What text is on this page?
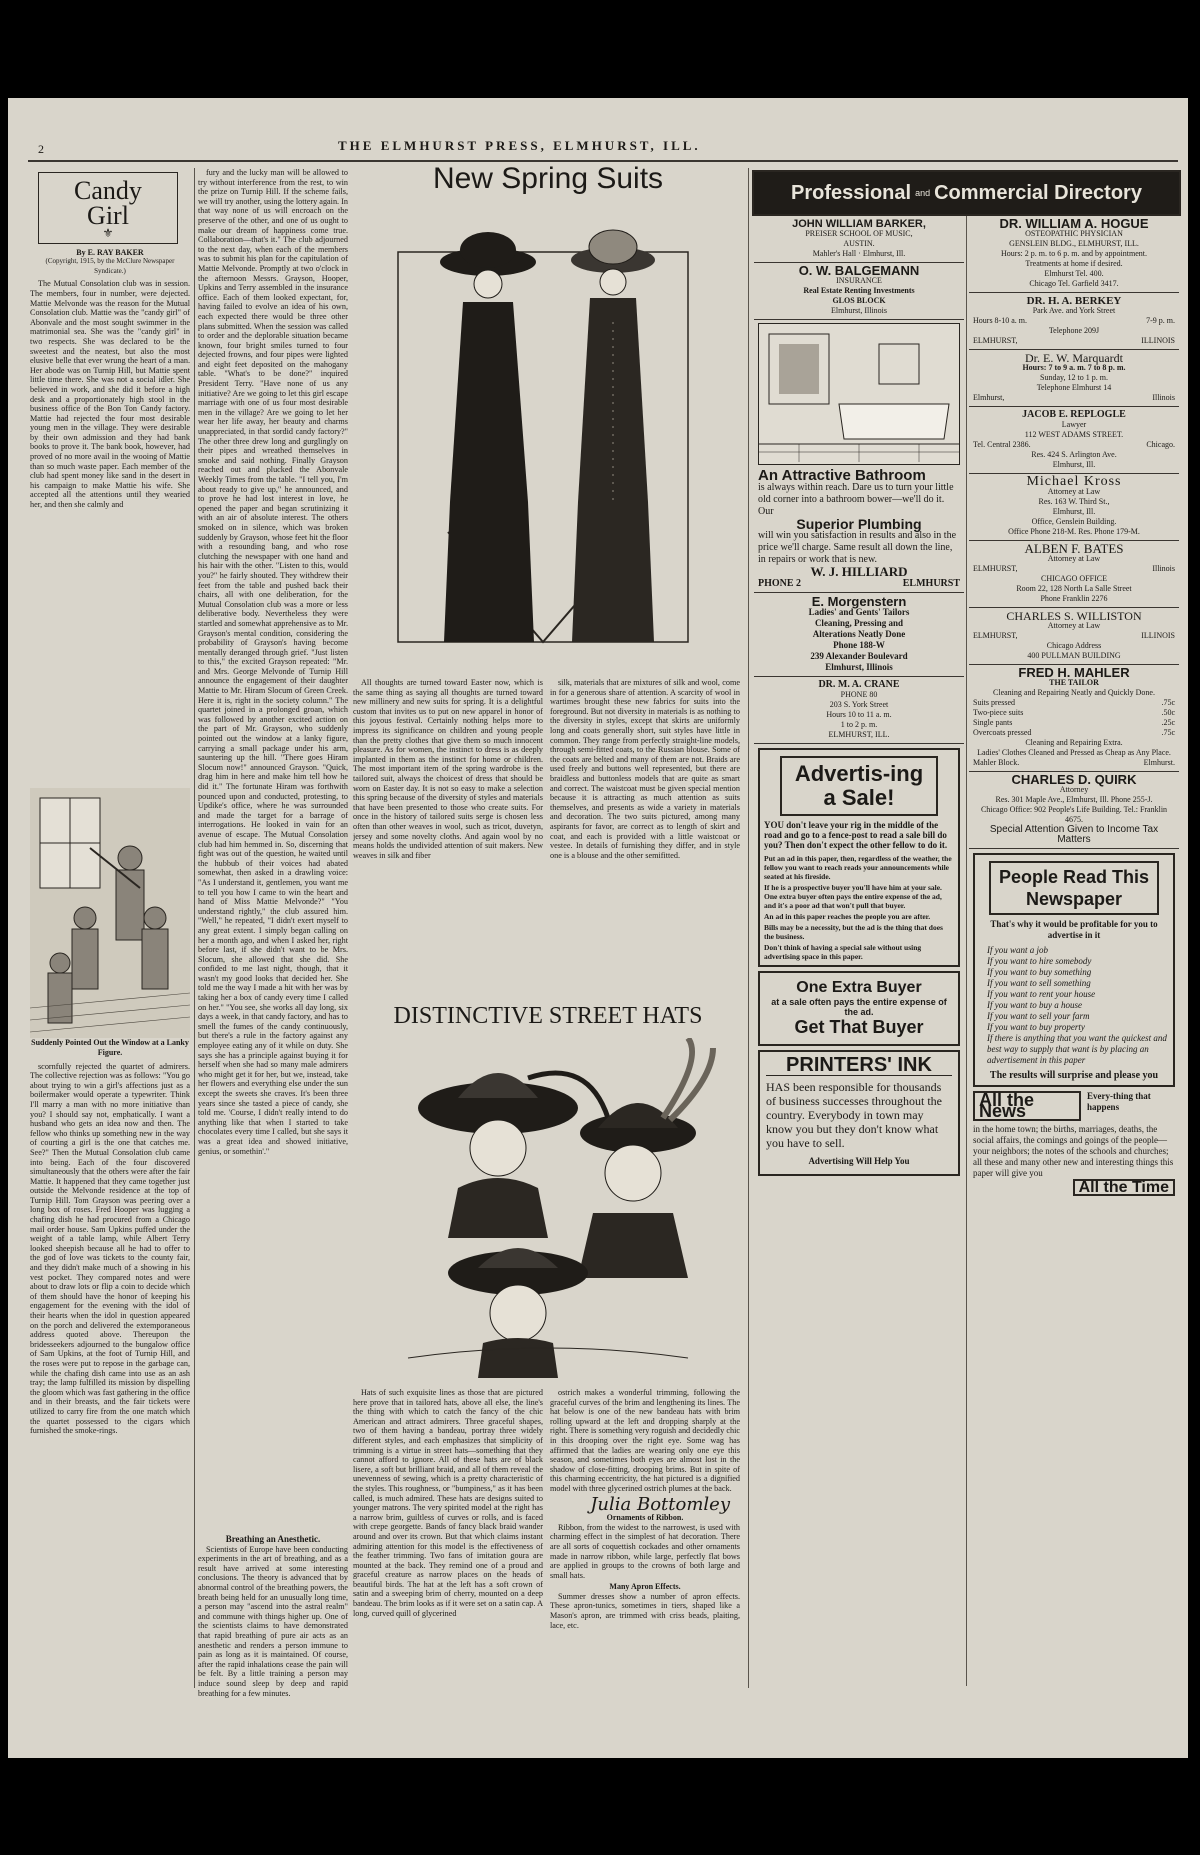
2	THE ELMHURST PRESS, ELMHURST, ILL.
Candy
Girl
⚜
By E. RAY BAKER
(Copyright, 1915, by the McClure Newspaper Syndicate.)

The Mutual Consolation club was in session. The members, four in number, were dejected. Mattie Melvonde was the reason for the Mutual Consolation club. Mattie was the "candy girl" of Abonvale and the most sought swimmer in the matrimonial sea. She was the "candy girl" in two respects. She was declared to be the sweetest and the neatest, but also the most elusive belle that ever wrung the heart of a man. Her abode was on Turnip Hill, but Mattie spent little time there. She was not a social idler. She believed in work, and she did it before a high desk and a proportionately high stool in the business office of the Bon Ton Candy factory. Mattie had rejected the four most desirable young men in the village. They were desirable by their own admission and they had bank books to prove it. The bank book, however, had proved of no more avail in the wooing of Mattie than so much waste paper. Each member of the club had spent money like sand in the desert in his campaign to make Mattie his wife. She accepted all the attentions until they wearied her, and then she calmly and

Suddenly Pointed Out the Window at a Lanky Figure.

scornfully rejected the quartet of admirers. The collective rejection was as follows: "You go about trying to win a girl's affections just as a boilermaker would operate a typewriter. Think I'll marry a man with no more initiative than you? I should say not, emphatically. I want a husband who gets an idea now and then. The fellow who thinks up something new in the way of courting a girl is the one that catches me. See?" Then the Mutual Consolation club came into being. Each of the four discovered simultaneously that the others were after the fair Mattie. It happened that they came together just outside the Melvonde residence at the top of Turnip Hill. Tom Grayson was peering over a long box of roses. Fred Hooper was lugging a chafing dish he had procured from a Chicago mail order house. Sam Upkins puffed under the weight of a table lamp, while Albert Terry looked sheepish because all he had to offer to the god of love was tickets to the county fair, and they didn't make much of a showing in his vest pocket. They compared notes and were about to draw lots or flip a coin to decide which of them should have the honor of keeping his engagement for the evening with the idol of their hearts when the idol in question appeared on the porch and delivered the extemporaneous address quoted above. Thereupon the bridesseekers adjourned to the bungalow office of Sam Upkins, at the foot of Turnip Hill, and the roses were put to repose in the garbage can, while the chafing dish came into use as an ash tray; the lamp fulfilled its mission by dispelling the gloom which was fast gathering in the office and in their breasts, and the fair tickets were utilized to carry fire from the one match which the quartet possessed to the cigars which furnished the smoke-rings.

fury and the lucky man will be allowed to try without interference from the rest, to win the prize on Turnip Hill. If the scheme fails, we will try another, using the lottery again. In that way none of us will encroach on the preserve of the other, and one of us ought to make our dream of happiness come true. Collaboration—that's it." The club adjourned to the next day, when each of the members was to submit his plan for the capitulation of Mattie Melvonde. Promptly at two o'clock in the afternoon Messrs. Grayson, Hooper, Upkins and Terry assembled in the insurance office. Each of them looked expectant, for, having failed to evolve an idea of his own, each expected there would be three other plans submitted. When the session was called to order and the deplorable situation became known, four bright smiles turned to four dejected frowns, and four pipes were lighted and eight feet deposited on the mahogany table. "What's to be done?" inquired President Terry. "Have none of us any initiative? Are we going to let this girl escape marriage with one of us four most desirable men in the village? Are we going to let her wear her life away, her beauty and charms unappreciated, in that sordid candy factory?" The other three drew long and gurglingly on their pipes and wreathed themselves in smoke and said nothing. Finally Grayson reached out and plucked the Abonvale Weekly Times from the table. "I tell you, I'm about ready to give up," he announced, and to prove he had lost interest in love, he opened the paper and began scrutinizing it with an air of absolute interest. The others smoked on in silence, which was broken suddenly by Grayson, whose feet hit the floor with a resounding bang, and who rose clutching the newspaper with one hand and his hair with the other. "Listen to this, would you?" he fairly shouted. They withdrew their feet from the table and pushed back their chairs, all with one deliberation, for the Mutual Consolation club was a more or less deliberative body. Nevertheless they were startled and somewhat apprehensive as to Mr. Grayson's mental condition, considering the probability of Grayson's having become mentally deranged through grief. "Just listen to this," the excited Grayson repeated: "Mr. and Mrs. George Melvonde of Turnip Hill announce the engagement of their daughter Mattie to Mr. Hiram Slocum of Green Creek. Here it is, right in the society column." The quartet joined in a prolonged groan, which was followed by another excited action on the part of Mr. Grayson, who suddenly pointed out the window at a lanky figure, carrying a small package under his arm, sauntering up the hill. "There goes Hiram Slocum now!" announced Grayson. "Quick, drag him in here and make him tell how he did it." The fortunate Hiram was forthwith pounced upon and conducted, protesting, to Updike's office, where he was surrounded and made the target for a barrage of interrogations. He looked in vain for an avenue of escape. The Mutual Consolation club had him hemmed in. So, discerning that fight was out of the question, he waited until the hubbub of their voices had abated somewhat, then asked in a drawling voice: "As I understand it, gentlemen, you want me to tell you how I came to win the heart and hand of Miss Mattie Melvonde?" "You understand rightly," the club assured him. "Well," he repeated, "I didn't exert myself to any great extent. I simply began calling on her a month ago, and when I asked her, right before last, if she didn't want to be Mrs. Slocum, she allowed that she did. She confided to me last night, though, that it wasn't my good looks that decided her. She told me the way I made a hit with her was by taking her a box of candy every time I called on her." "You see, she works all day long, six days a week, in that candy factory, and has to smell the fumes of the candy continuously, but there's a rule in the factory against any employee eating any of it while on duty. She says she has a principle against buying it for herself when she had so many male admirers who might get it for her, but we, instead, take her flowers and everything else under the sun except the sweets she craves. It's been three years since she tasted a piece of candy, she told me. 'Course, I didn't really intend to do anything like that when I started to take chocolates every time I called, but she says it was a great idea and showed initiative, genius, or somethin'."

Breathing an Anesthetic.

Scientists of Europe have been conducting experiments in the art of breathing, and as a result have arrived at some interesting conclusions. The theory is advanced that by abnormal control of the breathing powers, the breath being held for an unusually long time, a person may "ascend into the astral realm" and commune with things higher up. One of the scientists claims to have demonstrated that rapid breathing of pure air acts as an anesthetic and renders a person immune to pain as long as it is maintained. Of course, after the rapid inhalations cease the pain will be felt. By a little training a person may induce sound sleep by deep and rapid breathing for a few minutes.

New Spring Suits

All thoughts are turned toward Easter now, which is the same thing as saying all thoughts are turned toward new millinery and new suits for spring. It is a delightful custom that invites us to put on new apparel in honor of this joyous festival. Certainly nothing helps more to impress its significance on children and young people than the pretty clothes that give them so much innocent pleasure. As for women, the instinct to dress is as deeply implanted in them as the instinct for home or children. The most important item of the spring wardrobe is the tailored suit, always the choicest of dress that should be worn on Easter day. It is not so easy to make a selection this spring because of the diversity of styles and materials that have been presented to those who create suits. For once in the history of tailored suits serge is chosen less often than other weaves in wool, such as tricot, duvetyn, jersey and some novelty cloths. And again wool by no means holds the undivided attention of suit makers. New weaves in silk and fiber

silk, materials that are mixtures of silk and wool, come in for a generous share of attention. A scarcity of wool in wartimes brought these new fabrics for suits into the foreground. But not diversity in materials is as nothing to the diversity in styles, except that skirts are uniformly long and coats generally short, suit styles have little in common. They range from perfectly straight-line models, through semi-fitted coats, to the Russian blouse. Some of the coats are belted and many of them are not. Braids are used freely and buttons well represented, but there are braidless and buttonless models that are quite as smart and correct. The waistcoat must be given special mention because it is attracting as much attention as suits themselves, and presents as wide a variety in materials and decoration. The two suits pictured, among many aspirants for favor, are correct as to length of skirt and coat, and each is provided with a little waistcoat or vestee. In details of furnishing they differ, and in style one is a blouse and the other semifitted.

DISTINCTIVE STREET HATS

Hats of such exquisite lines as those that are pictured here prove that in tailored hats, above all else, the line's the thing with which to catch the fancy of the chic American and attract admirers. Three graceful shapes, two of them having a bandeau, portray three widely different styles, and each emphasizes that simplicity of trimming is a virtue in street hats—something that they cannot afford to ignore. All of these hats are of black lisere, a soft but brilliant braid, and all of them reveal the unevenness of sewing, which is a pretty characteristic of the styles. This roughness, or "bumpiness," as it has been called, is much admired. These hats are designs suited to younger matrons. The very spirited model at the right has a narrow brim, guiltless of curves or rolls, and is faced with crepe georgette. Bands of fancy black braid wander around and over its crown. But that which claims instant admiring attention for this model is the effectiveness of the feather trimming. Two fans of imitation goura are mounted at the back. They remind one of a proud and graceful creature as narrow places on the heads of beautiful birds. The hat at the left has a soft crown of satin and a sweeping brim of cherry, mounted on a deep bandeau. The brim looks as if it were set on a satin cap. A long, curved quill of glycerined

ostrich makes a wonderful trimming, following the graceful curves of the brim and lengthening its lines. The hat below is one of the new bandeau hats with brim rolling upward at the left and dropping sharply at the right. There is something very roguish and decidedly chic in this drooping over the right eye. Some wag has affirmed that the ladies are wearing only one eye this season, and sometimes both eyes are almost lost in the shadow of close-fitting, drooping brims. But in spite of this charming eccentricity, the hat pictured is a dignified model with three glycerined ostrich plumes at the back.

Julia Bottomley
Ornaments of Ribbon.

Ribbon, from the widest to the narrowest, is used with charming effect in the simplest of hat decoration. There are all sorts of coquettish cockades and other ornaments made in narrow ribbon, while large, perfectly flat bows are applied in groups to the crowns of both large and small hats.

Many Apron Effects.

Summer dresses show a number of apron effects. These apron-tunics, sometimes in tiers, shaped like a Mason's apron, are trimmed with criss beads, plaiting, lace, etc.

Professional and Commercial Directory
JOHN WILLIAM BARKER,
PREISER SCHOOL OF MUSIC,
AUSTIN.
Mahler's Hall · Elmhurst, Ill.
O. W. BALGEMANN
INSURANCE
Real Estate Renting Investments
GLOS BLOCK
Elmhurst, Illinois
An Attractive Bathroom
is always within reach. Dare us to turn your little old corner into a bathroom bower—we'll do it. Our
Superior Plumbing
will win you satisfaction in results and also in the price we'll charge. Same result all down the line, in repairs or work that is new.
W. J. HILLIARD
PHONE 2	ELMHURST
E. Morgenstern
Ladies' and Gents' Tailors
Cleaning, Pressing and
Alterations Neatly Done
Phone 188-W
239 Alexander Boulevard
Elmhurst, Illinois
DR. M. A. CRANE
PHONE 80
203 S. York Street
Hours 10 to 11 a. m.
1 to 2 p. m.
ELMHURST, ILL.
Advertis-ing a Sale!
YOU don't leave your rig in the middle of the road and go to a fence-post to read a sale bill do you? Then don't expect the other fellow to do it.
Put an ad in this paper, then, regardless of the weather, the fellow you want to reach reads your announcements while seated at his fireside.
If he is a prospective buyer you'll have him at your sale. One extra buyer often pays the entire expense of the ad, and it's a poor ad that won't pull that buyer.
An ad in this paper reaches the people you are after.
Bills may be a necessity, but the ad is the thing that does the business.
Don't think of having a special sale without using advertising space in this paper.
One Extra Buyer
at a sale often pays the entire expense of the ad.
Get That Buyer
PRINTERS' INK
HAS been responsible for thousands of business successes throughout the country. Everybody in town may know you but they don't know what you have to sell.
Advertising Will Help You
DR. WILLIAM A. HOGUE
OSTEOPATHIC PHYSICIAN
GENSLEIN BLDG., ELMHURST, ILL.
Hours: 2 p. m. to 6 p. m. and by appointment.
Treatments at home if desired.
Elmhurst Tel. 400.
Chicago Tel. Garfield 3417.
DR. H. A. BERKEY
Park Ave. and York Street
Hours 8-10 a. m.	7-9 p. m.
Telephone 209J
ELMHURST,	ILLINOIS
Dr. E. W. Marquardt
Hours: 7 to 9 a. m. 7 to 8 p. m.
Sunday, 12 to 1 p. m.
Telephone Elmhurst 14
Elmhurst,	Illinois
JACOB E. REPLOGLE
Lawyer
112 WEST ADAMS STREET.
Tel. Central 2386.	Chicago.
Res. 424 S. Arlington Ave.
Elmhurst, Ill.
Michael Kross
Attorney at Law
Res. 163 W. Third St.,
Elmhurst, Ill.
Office, Genslein Building.
Office Phone 218-M. Res. Phone 179-M.
ALBEN F. BATES
Attorney at Law
ELMHURST,	Illinois
CHICAGO OFFICE
Room 22, 128 North La Salle Street
Phone Franklin 2276
CHARLES S. WILLISTON
Attorney at Law
ELMHURST,	ILLINOIS
Chicago Address
400 PULLMAN BUILDING
FRED H. MAHLER
THE TAILOR
Cleaning and Repairing Neatly and Quickly Done.
Suits pressed	.75c
Two-piece suits	.50c
Single pants	.25c
Overcoats pressed	.75c
Cleaning and Repairing Extra.
Ladies' Clothes Cleaned and Pressed as Cheap as Any Place.
Mahler Block.	Elmhurst.
CHARLES D. QUIRK
Attorney
Res. 301 Maple Ave., Elmhurst, Ill. Phone 255-J.
Chicago Office: 902 People's Life Building. Tel.: Franklin 4675.
Special Attention Given to Income Tax Matters
People Read This Newspaper
That's why it would be profitable for you to advertise in it
If you want a job
If you want to hire somebody
If you want to buy something
If you want to sell something
If you want to rent your house
If you want to buy a house
If you want to sell your farm
If you want to buy property
If there is anything that you want the quickest and best way to supply that want is by placing an advertisement in this paper
The results will surprise and please you
All the News
Every-thing that happens
in the home town; the births, marriages, deaths, the social affairs, the comings and goings of the people—your neighbors; the notes of the schools and churches; all these and many other new and interesting things this paper will give you
All the Time
